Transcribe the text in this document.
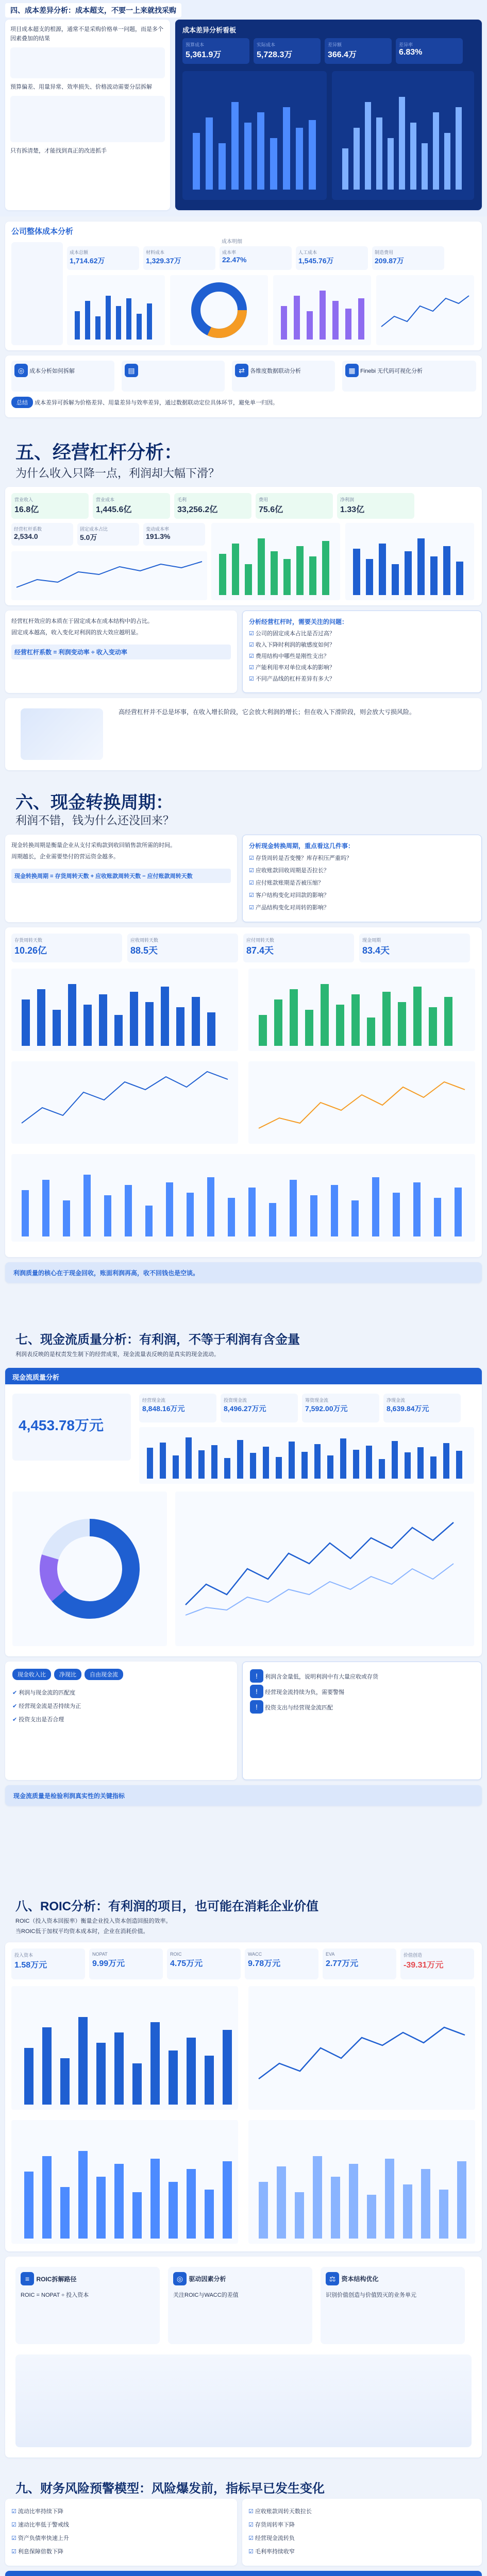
四、成本差异分析：成本超支，不要一上来就找采购
项目成本超支的根源，通常不是采购价格单一问题，而是多个因素叠加的结果
预算偏差、用量异常、效率损失、价格波动需要分层拆解
只有拆清楚，才能找到真正的改进抓手
成本差异分析看板
预算成本
5,361.9万
实际成本
5,728.3万
差异额
366.4万
差异率
6.83%
公司整体成本分析
成本明细
成本总额
1,714.62万
材料成本
1,329.37万
成本率
22.47%
人工成本
1,545.76万
制造费用
209.87万
◎ 成本分析如何拆解	▤	⇄ 各维度数据联动分析	▦ Finebi 无代码可视化分析
总结 成本差异可拆解为价格差异、用量差异与效率差异，通过数据联动定位具体环节，避免单一归因。
五、经营杠杆分析：
为什么收入只降一点，利润却大幅下滑？
营业收入
16.8亿
营业成本
1,445.6亿
毛利
33,256.2亿
费用
75.6亿
净利润
1.33亿
经营杠杆系数
2,534.0
固定成本占比
5.0万
变动成本率
191.3%
经营杠杆效应的本质在于固定成本在成本结构中的占比。
固定成本越高，收入变化对利润的放大效应越明显。
经营杠杆系数 = 利润变动率 ÷ 收入变动率
分析经营杠杆时，需要关注的问题：
☑ 公司的固定成本占比是否过高？
☑ 收入下降时利润的敏感度如何？
☑ 费用结构中哪些是刚性支出？
☑ 产能利用率对单位成本的影响？
☑ 不同产品线的杠杆差异有多大？
高经营杠杆并不总是坏事，在收入增长阶段，它会放大利润的增长；但在收入下滑阶段，则会放大亏损风险。
六、现金转换周期：
利润不错，钱为什么还没回来？
现金转换周期是衡量企业从支付采购款到收回销售款所需的时间。
周期越长，企业需要垫付的营运资金越多。
现金转换周期 = 存货周转天数 + 应收账款周转天数 − 应付账款周转天数
分析现金转换周期，重点看这几件事：
☑ 存货周转是否变慢？库存积压严重吗？
☑ 应收账款回收周期是否拉长？
☑ 应付账款账期是否被压缩？
☑ 客户结构变化对回款的影响？
☑ 产品结构变化对周转的影响？
存货周转天数
10.26亿
应收周转天数
88.5天
应付周转天数
87.4天
现金周期
83.4天
利润质量的核心在于现金回收，账面利润再高，收不回钱也是空谈。
七、现金流质量分析：有利润，不等于利润有含金量
利润表反映的是权责发生制下的经营成果，现金流量表反映的是真实的现金流动。
现金流质量分析
4,453.78万元
经营现金流
8,848.16万元
投资现金流
8,496.27万元
筹资现金流
7,592.00万元
净现金流
8,639.84万元
现金收入比	净现比	自由现金流
✔ 利润与现金流的匹配度
✔ 经营现金流是否持续为正
✔ 投资支出是否合理
! 利润含金量低，说明利润中有大量应收或存货
! 经营现金流持续为负，需要警惕
! 投资支出与经营现金流匹配
现金流质量是检验利润真实性的关键指标
八、ROIC分析：有利润的项目，也可能在消耗企业价值
ROIC（投入资本回报率）衡量企业投入资本创造回报的效率。
当ROIC低于加权平均资本成本时，企业在消耗价值。
投入资本
1.58万元
NOPAT
9.99万元
ROIC
4.75万元
WACC
9.78万元
EVA
2.77万元
价值创造
-39.31万元
≡ ROIC拆解路径
ROIC = NOPAT ÷ 投入资本
◎ 驱动因素分析
关注ROIC与WACC的差值
⚖ 资本结构优化
识别价值创造与价值毁灭的业务单元
九、财务风险预警模型：风险爆发前，指标早已发生变化
☑ 流动比率持续下降
☑ 速动比率低于警戒线
☑ 资产负债率快速上升
☑ 利息保障倍数下降
☑ 应收账款周转天数拉长
☑ 存货周转率下降
☑ 经营现金流转负
☑ 毛利率持续收窄
